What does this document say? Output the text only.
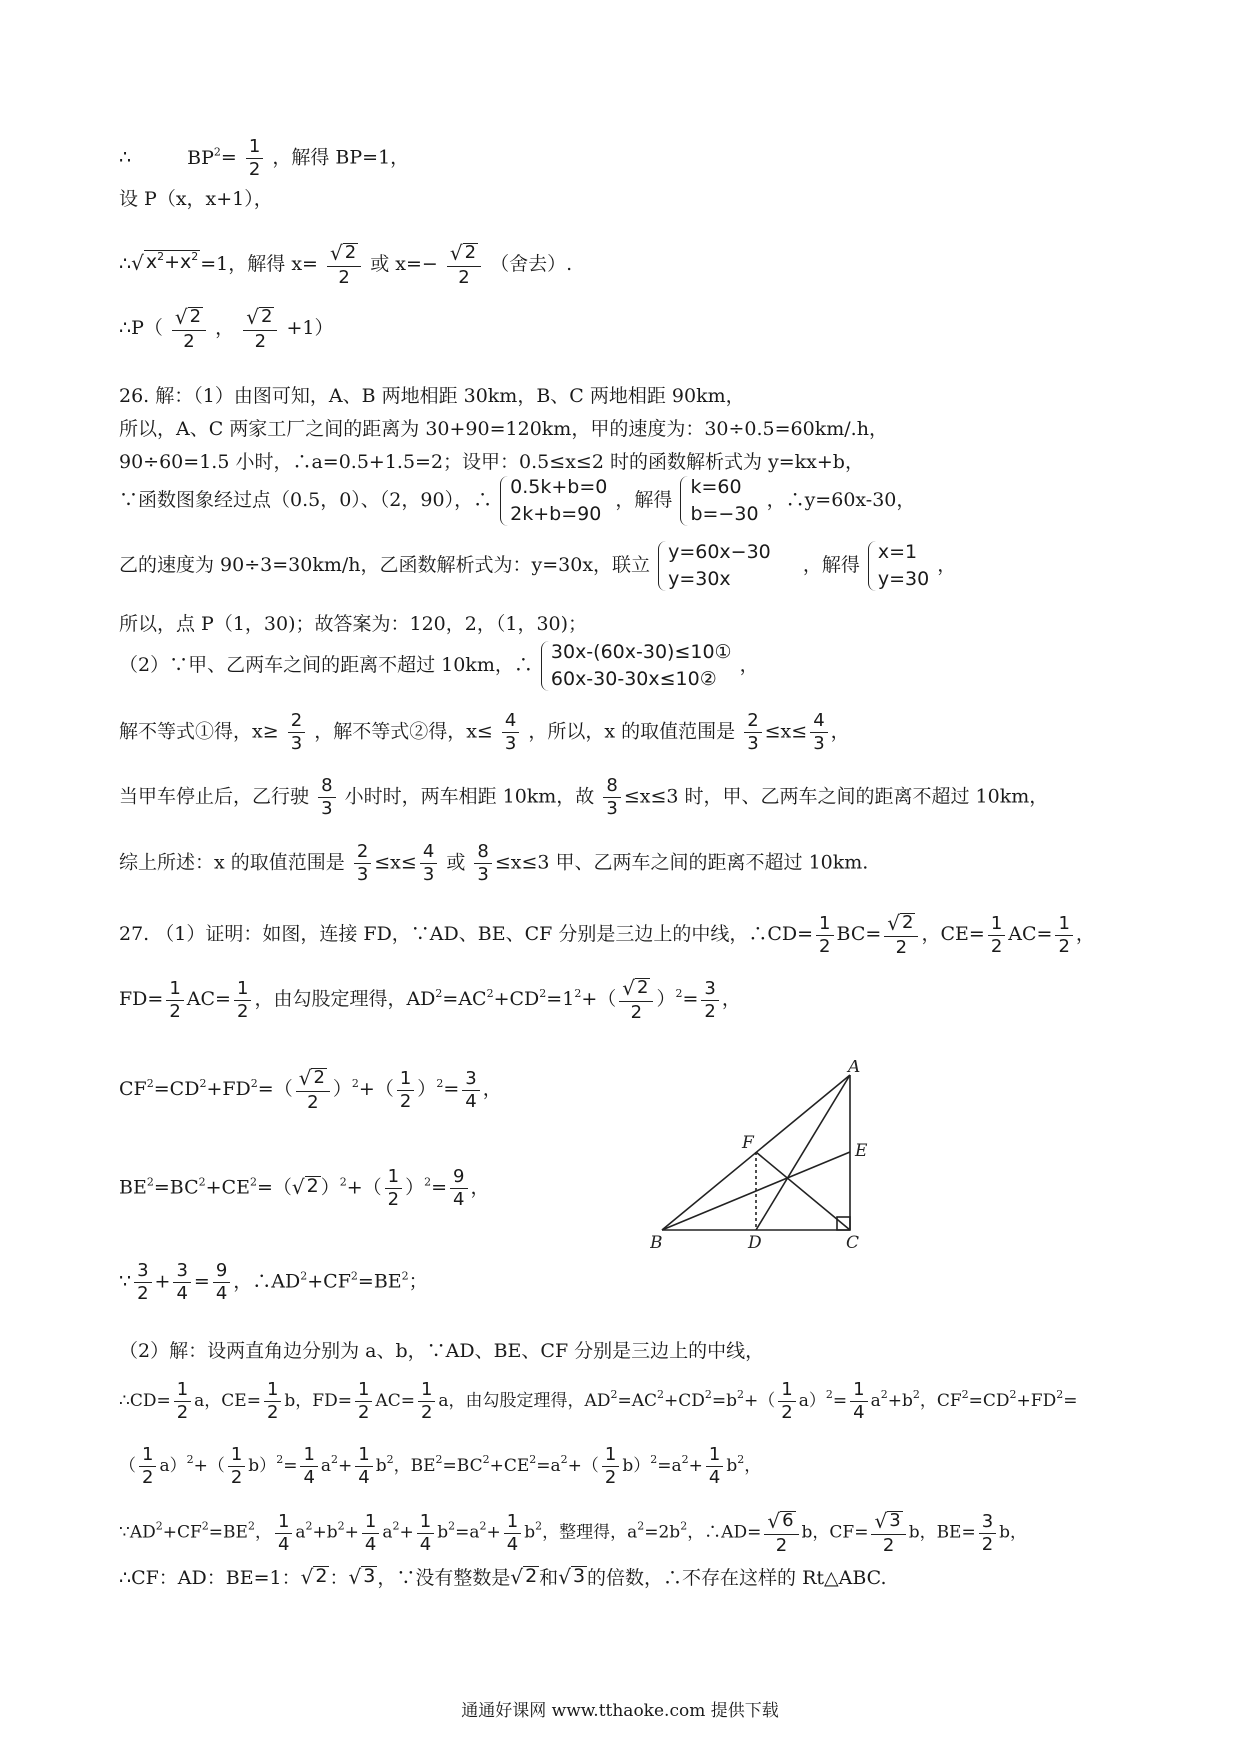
∴	$BP^2= \frac{1}{2}$ ，解得 BP=1，
设 P（x，x+1），
∴ √ $x^2+x^2 =1$，解得 $x= \frac{√ 2}{2}$ 或 $x=- \frac{√ 2}{2}$ （舍去）.
∴P（ $\frac{√ 2}{2}$ ， $\frac{√ 2}{2} +1$）
26. 解：（1）由图可知，A、B 两地相距 30km，B、C 两地相距 90km，
所以，A、C 两家工厂之间的距离为 30+90=120km，甲的速度为：30÷0.5=60km/.h，
90÷60=1.5 小时，∴a=0.5+1.5=2；设甲：0.5≤x≤2 时的函数解析式为 y=kx+b，
∵函数图象经过点（0.5，0）、（2，90），∴
0.5k+b=0
2k+b=90
，解得
k=60
b=−30
，∴y=60x-30，
乙的速度为 90÷3=30km/h，乙函数解析式为：y=30x，联立
y=60x−30
y=30x
，解得
x=1
y=30
，
所以，点 P（1，30)；故答案为：120，2，（1，30)；
（2）∵甲、乙两车之间的距离不超过 10km，∴
30x-(60x-30)≤10①
60x-30-30x≤10②
，
解不等式①得，$x\ge \frac{2}{3}$ ，解不等式②得，$x\le \frac{4}{3}$ ，所以，x 的取值范围是 $\frac{2}{3} \le x\le \frac{4}{3}$ ，
当甲车停止后，乙行驶 $\frac{8}{3}$ 小时时，两车相距 10km，故 $\frac{8}{3} \le x\le 3$ 时，甲、乙两车之间的距离不超过 10km，
综上所述：x 的取值范围是 $\frac{2}{3} \le x\le \frac{4}{3}$ 或 $\frac{8}{3} \le x\le 3$ 甲、乙两车之间的距离不超过 10km.
27. （1）证明：如图，连接 FD，∵AD、BE、CF 分别是三边上的中线，∴CD= $\frac{1}{2} BC= \frac{√ 2}{2}$ ，$CE= \frac{1}{2} AC= \frac{1}{2}$ ，
$FD= \frac{1}{2} AC= \frac{1}{2}$ ，由勾股定理得，$AD^2=AC^2+CD^2=1^2+( \frac{√ 2}{2} )^2= \frac{3}{2}$ ，
$CF^2=CD^2+FD^2=( \frac{√ 2}{2} )^2+( \frac{1}{2} )^2= \frac{3}{4}$ ，
$BE^2=BC^2+CE^2=$（ √ 2 ）$^2+( \frac{1}{2} )^2= \frac{9}{4}$ ，
∵ $\frac{3}{2} + \frac{3}{4} = \frac{9}{4}$ ，$\therefore AD^2+CF^2=BE^2$；
（2）解：设两直角边分别为 a、b，∵AD、BE、CF 分别是三边上的中线，
∴CD= $\frac{1}{2}$ a，$CE= \frac{1}{2}$ b，$FD= \frac{1}{2} AC= \frac{1}{2}$ a，由勾股定理得，$AD^2=AC^2+CD^2=b^2+( \frac{1}{2} a)^2= \frac{1}{4} a^2+b^2$，$CF^2=CD^2+FD^2=$
（ $\frac{1}{2} a)^2+( \frac{1}{2} b)^2= \frac{1}{4} a^2+ \frac{1}{4} b^2$，$BE^2=BC^2+CE^2=a^2+( \frac{1}{2} b)^2=a^2+ \frac{1}{4} b^2$，
$\because AD^2+CF^2=BE^2$， $\frac{1}{4} a^2+b^2+ \frac{1}{4} a^2+ \frac{1}{4} b^2=a^2+ \frac{1}{4} b^2$，整理得，$a^2=2b^2$，∴AD= $\frac{√ 6}{2}$ b，$CF= \frac{√ 3}{2}$ b，$BE= \frac{3}{2}$ b，
∴CF：AD：BE=1： √ 2 ： √ 3 ，∵没有整数是 √ 2 和 √ 3 的倍数，∴不存在这样的 Rt△ABC.
A
B	C
D
E
F
通通好课网 www.tthaoke.com 提供下载
